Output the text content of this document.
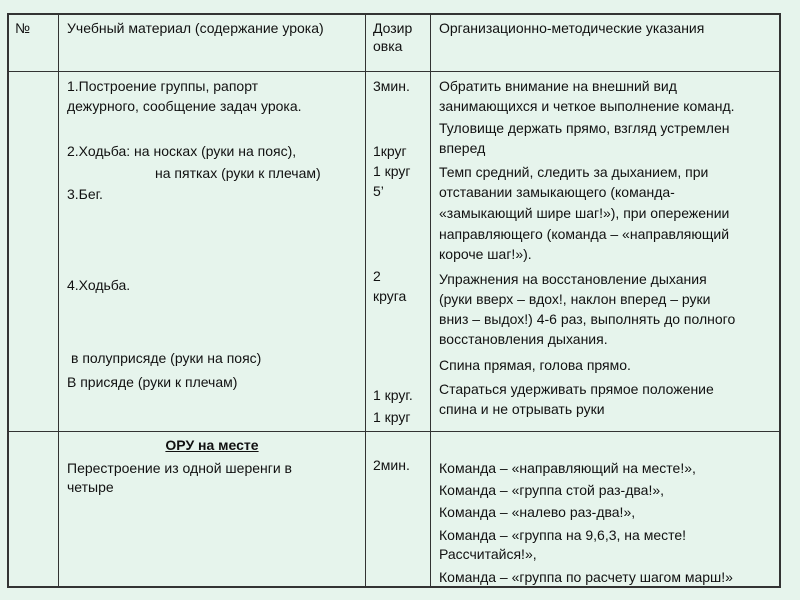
№	Учебный материал (содержание урока)	Дозир
овка
Организационно-методические указания
1.Построение группы, рапорт
дежурного, сообщение задач урока.
2.Ходьба: на носках (руки на пояс),
на пятках (руки к плечам)
3.Бег.
4.Ходьба.
в полуприсяде (руки на пояс)
В присяде (руки к плечам)
3мин.
1круг
1 круг
5’
2
круга
1 круг.
1 круг
Обратить внимание на внешний вид
занимающихся и четкое выполнение команд.
Туловище держать прямо, взгляд устремлен
вперед
Темп средний, следить за дыханием, при
отставании замыкающего (команда-
«замыкающий шире шаг!»), при опережении
направляющего (команда – «направляющий
короче шаг!»).
Упражнения на восстановление дыхания
(руки вверх – вдох!, наклон вперед – руки
вниз – выдох!) 4-6 раз, выполнять до полного
восстановления дыхания.
Спина прямая, голова прямо.
Стараться удерживать прямое положение
спина и не отрывать руки
ОРУ на месте
Перестроение из одной шеренги в
четыре
2мин. Команда – «направляющий на месте!»,
Команда – «группа стой раз-два!»,
Команда – «налево раз-два!»,
Команда – «группа на 9,6,3, на месте!
Рассчитайся!»,
Команда – «группа по расчету шагом марш!»
